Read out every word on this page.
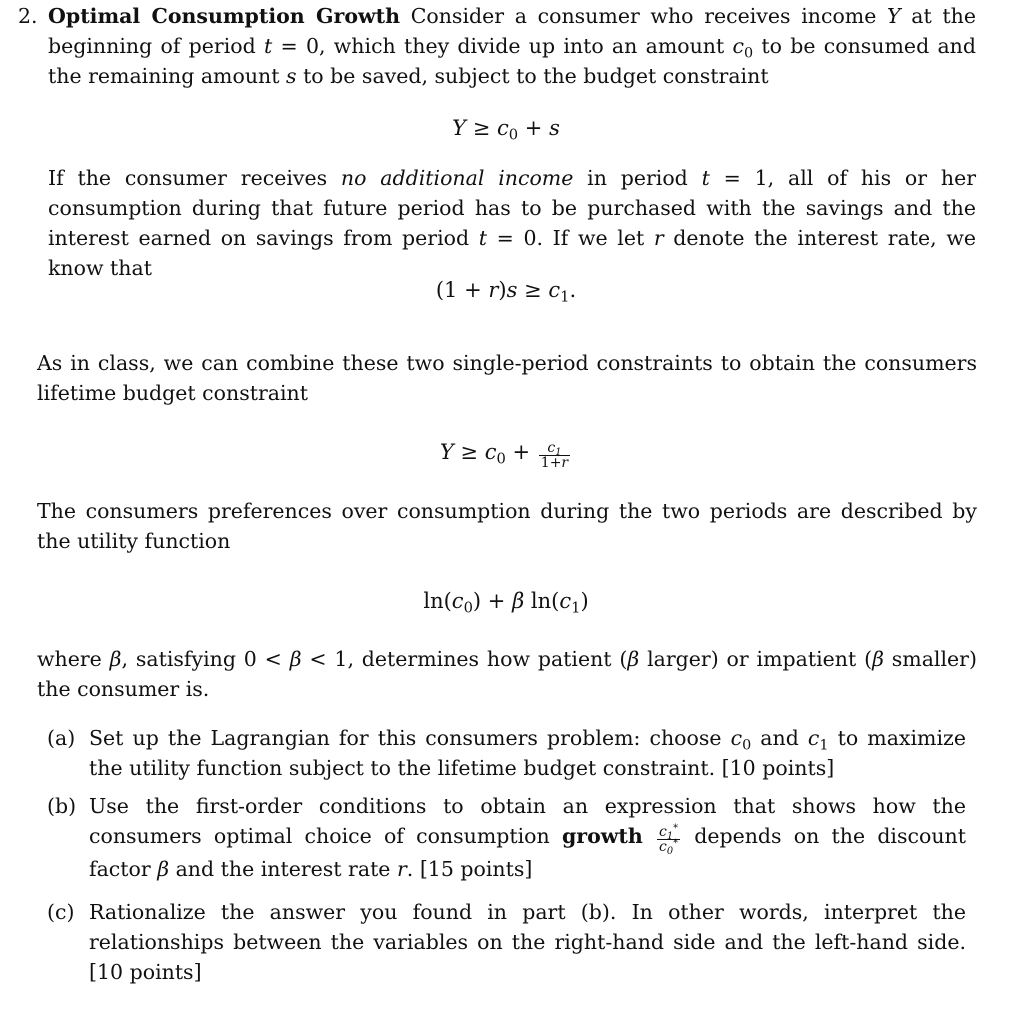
2. Optimal Consumption Growth Consider a consumer who receives income Y at the beginning of period t = 0, which they divide up into an amount $c_0$ to be consumed and the remaining amount s to be saved, subject to the budget constraint
$Y \ge c_0 + s$
If the consumer receives no additional income in period t = 1, all of his or her consumption during that future period has to be purchased with the savings and the interest earned on savings from period t = 0. If we let r denote the interest rate, we know that
$(1 + r)s \ge c_1$.
As in class, we can combine these two single-period constraints to obtain the consumers lifetime budget constraint
$Y \ge c_0 + \frac{c_1}{1+r}$
The consumers preferences over consumption during the two periods are described by the utility function
$\ln(c_0) + \beta$ $\ln(c_1)$
where β, satisfying 0 < β < 1, determines how patient (β larger) or impatient (β smaller) the consumer is.
(a) Set up the Lagrangian for this consumers problem: choose $c_0$ and $c_1$ to maximize the utility function subject to the lifetime budget constraint. [10 points]
(b) Use the first-order conditions to obtain an expression that shows how the consumers optimal choice of consumption growth $\frac{c_1^*}{c_0^*}$ depends on the discount factor β and the interest rate r. [15 points]
(c) Rationalize the answer you found in part (b). In other words, interpret the relationships between the variables on the right-hand side and the left-hand side. [10 points]
